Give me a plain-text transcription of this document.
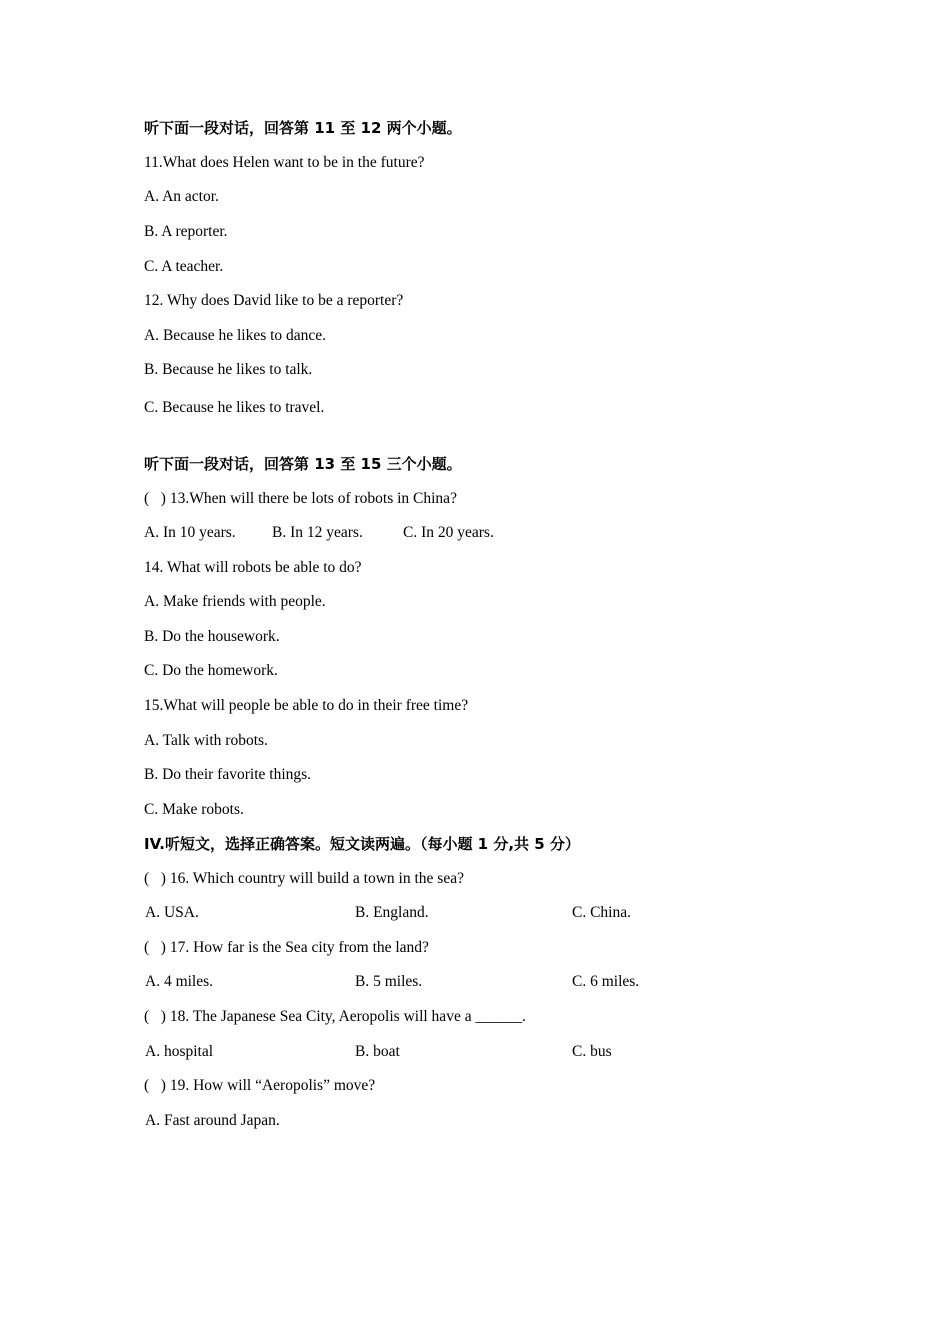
听下面一段对话，回答第 11 至 12 两个小题。
11.What does Helen want to be in the future?
A. An actor.
B. A reporter.
C. A teacher.
12. Why does David like to be a reporter?
A. Because he likes to dance.
B. Because he likes to talk.
C. Because he likes to travel.
听下面一段对话，回答第 13 至 15 三个小题。
(   ) 13.When will there be lots of robots in China?
A. In 10 years. B. In 12 years.	C. In 20 years.
14. What will robots be able to do?
A. Make friends with people.
B. Do the housework.
C. Do the homework.
15.What will people be able to do in their free time?
A. Talk with robots.
B. Do their favorite things.
C. Make robots.
IV.听短文，选择正确答案。短文读两遍。（每小题 1 分,共 5 分）
(   ) 16. Which country will build a town in the sea?
A. USA.	B. England.	C. China.
(   ) 17. How far is the Sea city from the land?
A. 4 miles.	B. 5 miles.	C. 6 miles.
(   ) 18. The Japanese Sea City, Aeropolis will have a ______.
A. hospital	B. boat	C. bus
(   ) 19. How will “Aeropolis” move?
A. Fast around Japan.
